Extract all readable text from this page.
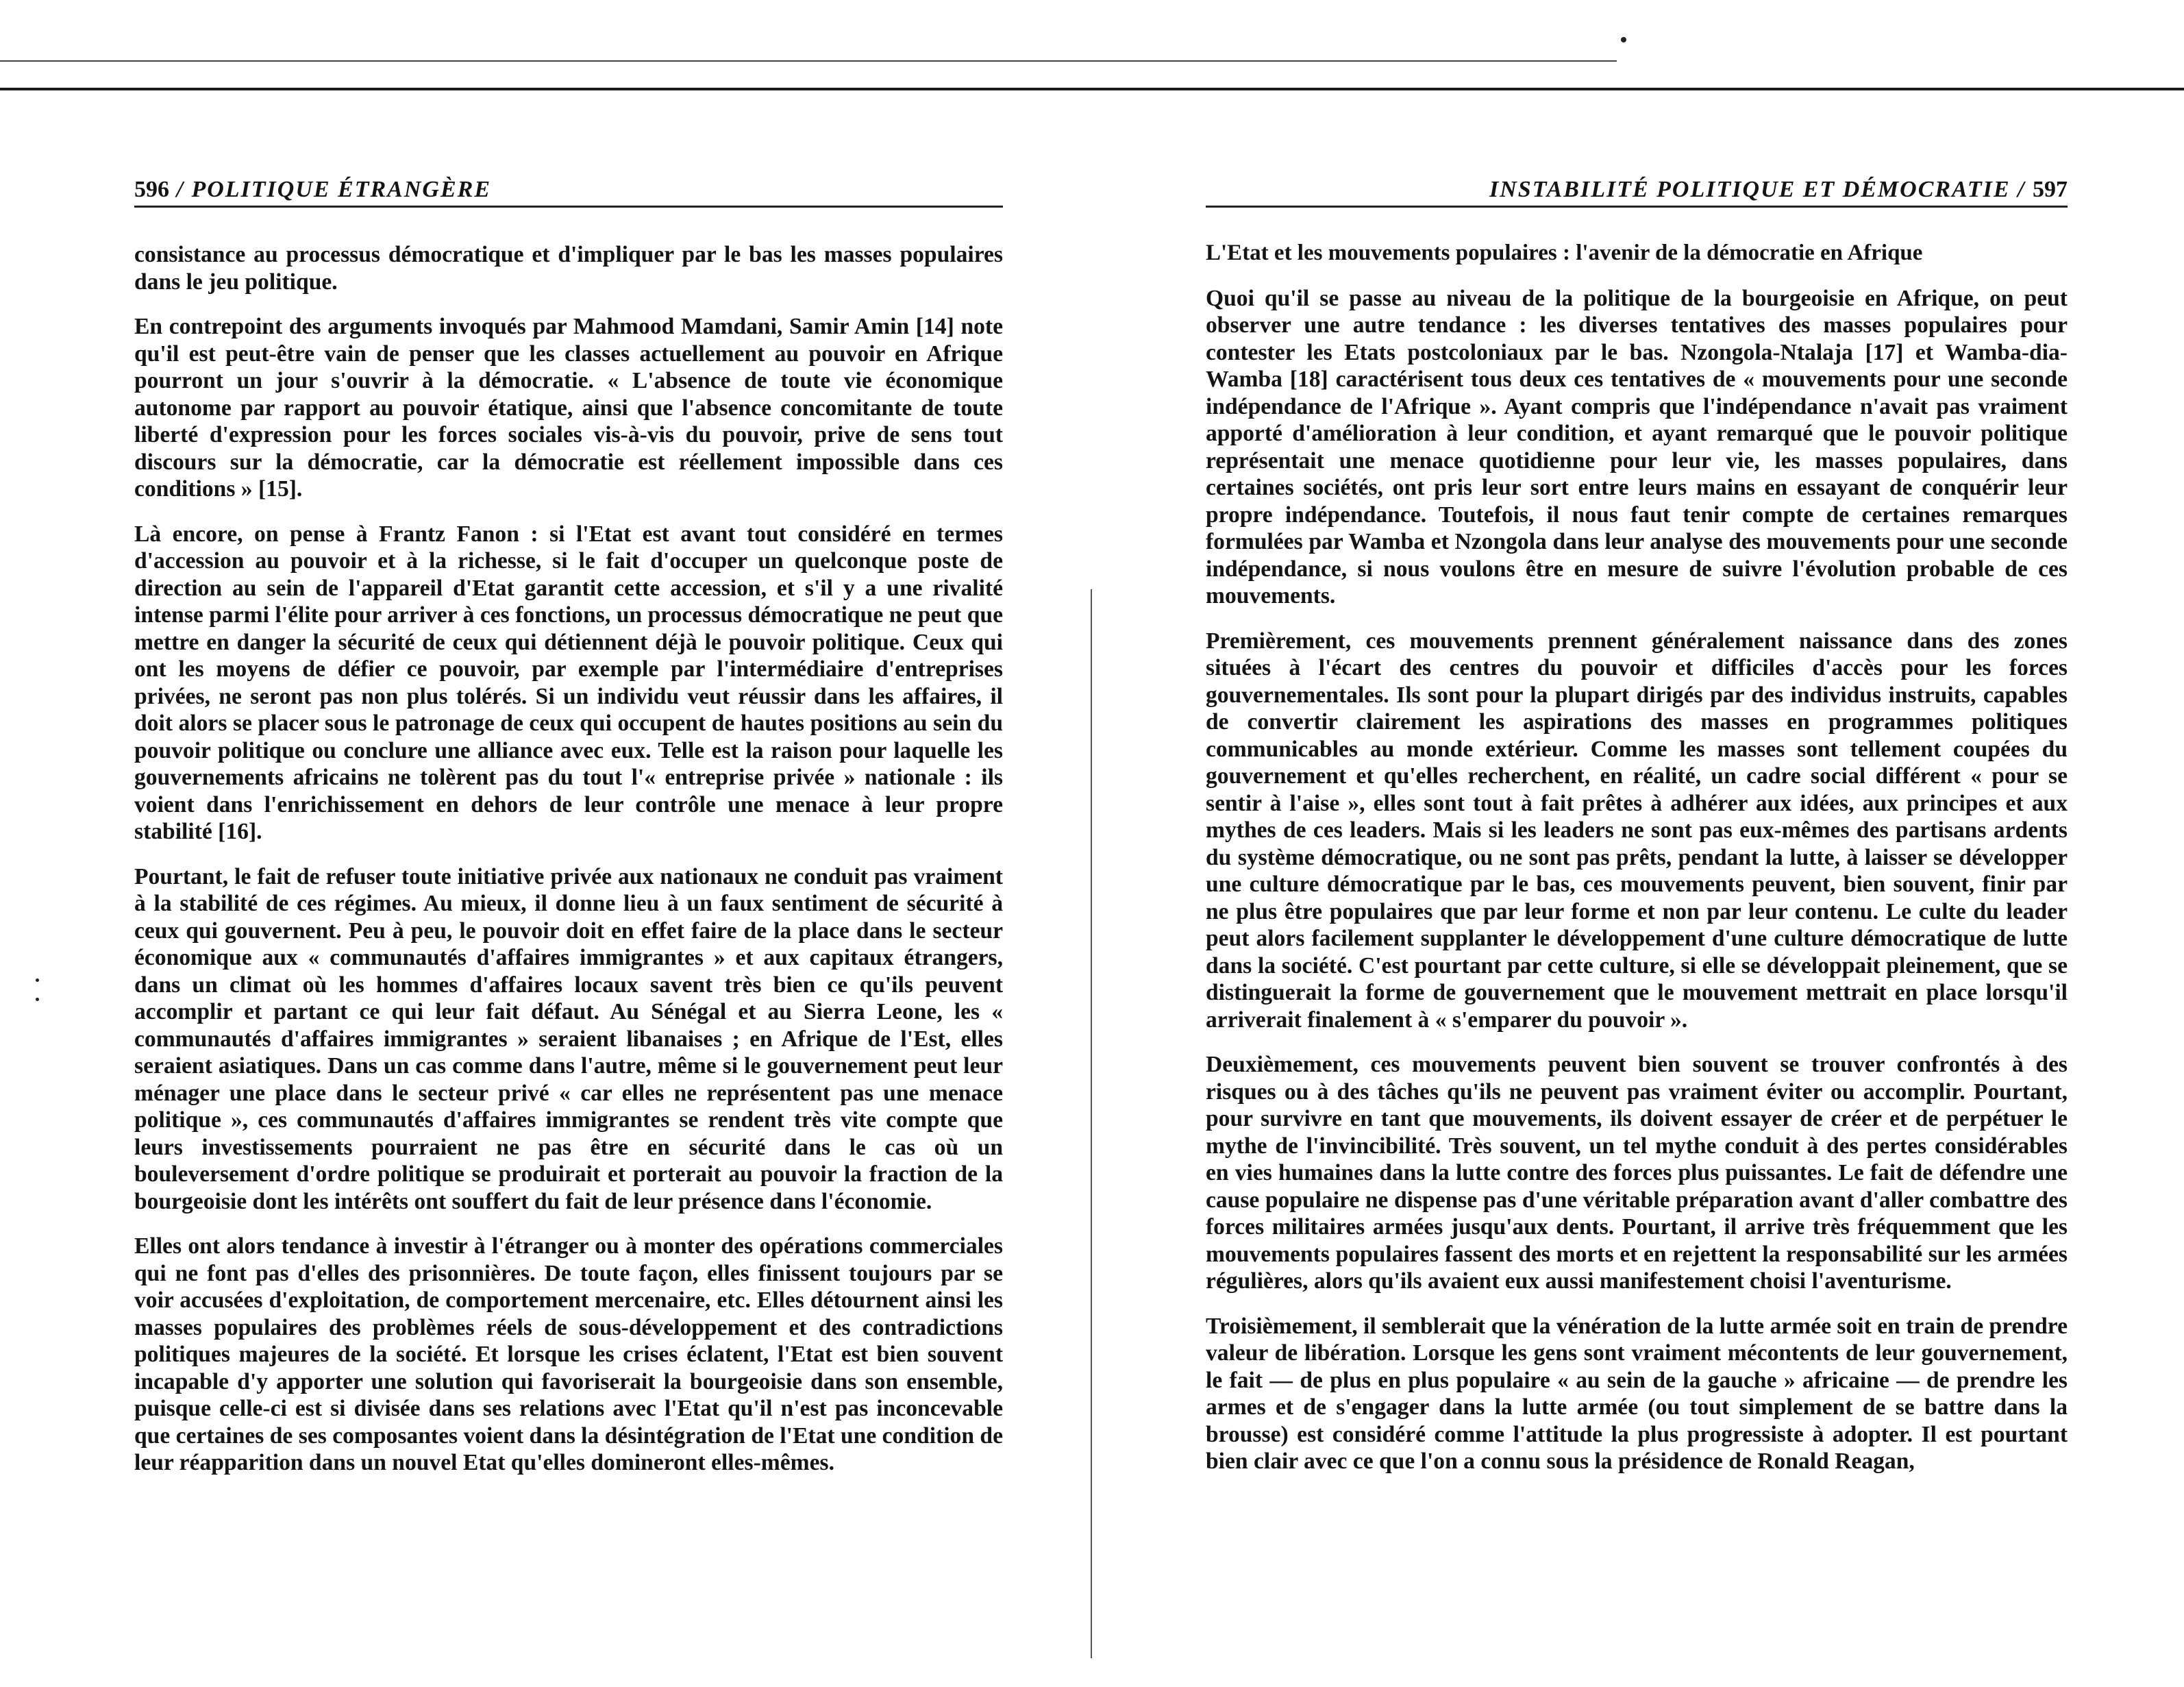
596 / POLITIQUE ÉTRANGÈRE

consistance au processus démocratique et d'impliquer par le bas les masses populaires dans le jeu politique.

En contrepoint des arguments invoqués par Mahmood Mamdani, Samir Amin [14] note qu'il est peut-être vain de penser que les classes actuellement au pouvoir en Afrique pourront un jour s'ouvrir à la démocratie. « L'absence de toute vie économique autonome par rapport au pouvoir étatique, ainsi que l'absence concomitante de toute liberté d'expression pour les forces sociales vis-à-vis du pouvoir, prive de sens tout discours sur la démocratie, car la démocratie est réellement impossible dans ces conditions » [15].

Là encore, on pense à Frantz Fanon : si l'Etat est avant tout considéré en termes d'accession au pouvoir et à la richesse, si le fait d'occuper un quelconque poste de direction au sein de l'appareil d'Etat garantit cette accession, et s'il y a une rivalité intense parmi l'élite pour arriver à ces fonctions, un processus démocratique ne peut que mettre en danger la sécurité de ceux qui détiennent déjà le pouvoir politique. Ceux qui ont les moyens de défier ce pouvoir, par exemple par l'intermédiaire d'entreprises privées, ne seront pas non plus tolérés. Si un individu veut réussir dans les affaires, il doit alors se placer sous le patronage de ceux qui occupent de hautes positions au sein du pouvoir politique ou conclure une alliance avec eux. Telle est la raison pour laquelle les gouvernements africains ne tolèrent pas du tout l'« entreprise privée » nationale : ils voient dans l'enrichissement en dehors de leur contrôle une menace à leur propre stabilité [16].

Pourtant, le fait de refuser toute initiative privée aux nationaux ne conduit pas vraiment à la stabilité de ces régimes. Au mieux, il donne lieu à un faux sentiment de sécurité à ceux qui gouvernent. Peu à peu, le pouvoir doit en effet faire de la place dans le secteur économique aux « communautés d'affaires immigrantes » et aux capitaux étrangers, dans un climat où les hommes d'affaires locaux savent très bien ce qu'ils peuvent accomplir et partant ce qui leur fait défaut. Au Sénégal et au Sierra Leone, les « communautés d'affaires immigrantes » seraient libanaises ; en Afrique de l'Est, elles seraient asiatiques. Dans un cas comme dans l'autre, même si le gouvernement peut leur ménager une place dans le secteur privé « car elles ne représentent pas une menace politique », ces communautés d'affaires immigrantes se rendent très vite compte que leurs investissements pourraient ne pas être en sécurité dans le cas où un bouleversement d'ordre politique se produirait et porterait au pouvoir la fraction de la bourgeoisie dont les intérêts ont souffert du fait de leur présence dans l'économie.

Elles ont alors tendance à investir à l'étranger ou à monter des opérations commerciales qui ne font pas d'elles des prisonnières. De toute façon, elles finissent toujours par se voir accusées d'exploitation, de comportement mercenaire, etc. Elles détournent ainsi les masses populaires des problèmes réels de sous-développement et des contradictions politiques majeures de la société. Et lorsque les crises éclatent, l'Etat est bien souvent incapable d'y apporter une solution qui favoriserait la bourgeoisie dans son ensemble, puisque celle-ci est si divisée dans ses relations avec l'Etat qu'il n'est pas inconcevable que certaines de ses composantes voient dans la désintégration de l'Etat une condition de leur réapparition dans un nouvel Etat qu'elles domineront elles-mêmes.

INSTABILITÉ POLITIQUE ET DÉMOCRATIE / 597
L'Etat et les mouvements populaires : l'avenir de la démocratie en Afrique

Quoi qu'il se passe au niveau de la politique de la bourgeoisie en Afrique, on peut observer une autre tendance : les diverses tentatives des masses populaires pour contester les Etats postcoloniaux par le bas. Nzongola-Ntalaja [17] et Wamba-dia-Wamba [18] caractérisent tous deux ces tentatives de « mouvements pour une seconde indépendance de l'Afrique ». Ayant compris que l'indépendance n'avait pas vraiment apporté d'amélioration à leur condition, et ayant remarqué que le pouvoir politique représentait une menace quotidienne pour leur vie, les masses populaires, dans certaines sociétés, ont pris leur sort entre leurs mains en essayant de conquérir leur propre indépendance. Toutefois, il nous faut tenir compte de certaines remarques formulées par Wamba et Nzongola dans leur analyse des mouvements pour une seconde indépendance, si nous voulons être en mesure de suivre l'évolution probable de ces mouvements.

Premièrement, ces mouvements prennent généralement naissance dans des zones situées à l'écart des centres du pouvoir et difficiles d'accès pour les forces gouvernementales. Ils sont pour la plupart dirigés par des individus instruits, capables de convertir clairement les aspirations des masses en programmes politiques communicables au monde extérieur. Comme les masses sont tellement coupées du gouvernement et qu'elles recherchent, en réalité, un cadre social différent « pour se sentir à l'aise », elles sont tout à fait prêtes à adhérer aux idées, aux principes et aux mythes de ces leaders. Mais si les leaders ne sont pas eux-mêmes des partisans ardents du système démocratique, ou ne sont pas prêts, pendant la lutte, à laisser se développer une culture démocratique par le bas, ces mouvements peuvent, bien souvent, finir par ne plus être populaires que par leur forme et non par leur contenu. Le culte du leader peut alors facilement supplanter le développement d'une culture démocratique de lutte dans la société. C'est pourtant par cette culture, si elle se développait pleinement, que se distinguerait la forme de gouvernement que le mouvement mettrait en place lorsqu'il arriverait finalement à « s'emparer du pouvoir ».

Deuxièmement, ces mouvements peuvent bien souvent se trouver confrontés à des risques ou à des tâches qu'ils ne peuvent pas vraiment éviter ou accomplir. Pourtant, pour survivre en tant que mouvements, ils doivent essayer de créer et de perpétuer le mythe de l'invincibilité. Très souvent, un tel mythe conduit à des pertes considérables en vies humaines dans la lutte contre des forces plus puissantes. Le fait de défendre une cause populaire ne dispense pas d'une véritable préparation avant d'aller combattre des forces militaires armées jusqu'aux dents. Pourtant, il arrive très fréquemment que les mouvements populaires fassent des morts et en rejettent la responsabilité sur les armées régulières, alors qu'ils avaient eux aussi manifestement choisi l'aventurisme.

Troisièmement, il semblerait que la vénération de la lutte armée soit en train de prendre valeur de libération. Lorsque les gens sont vraiment mécontents de leur gouvernement, le fait — de plus en plus populaire « au sein de la gauche » africaine — de prendre les armes et de s'engager dans la lutte armée (ou tout simplement de se battre dans la brousse) est considéré comme l'attitude la plus progressiste à adopter. Il est pourtant bien clair avec ce que l'on a connu sous la présidence de Ronald Reagan,
